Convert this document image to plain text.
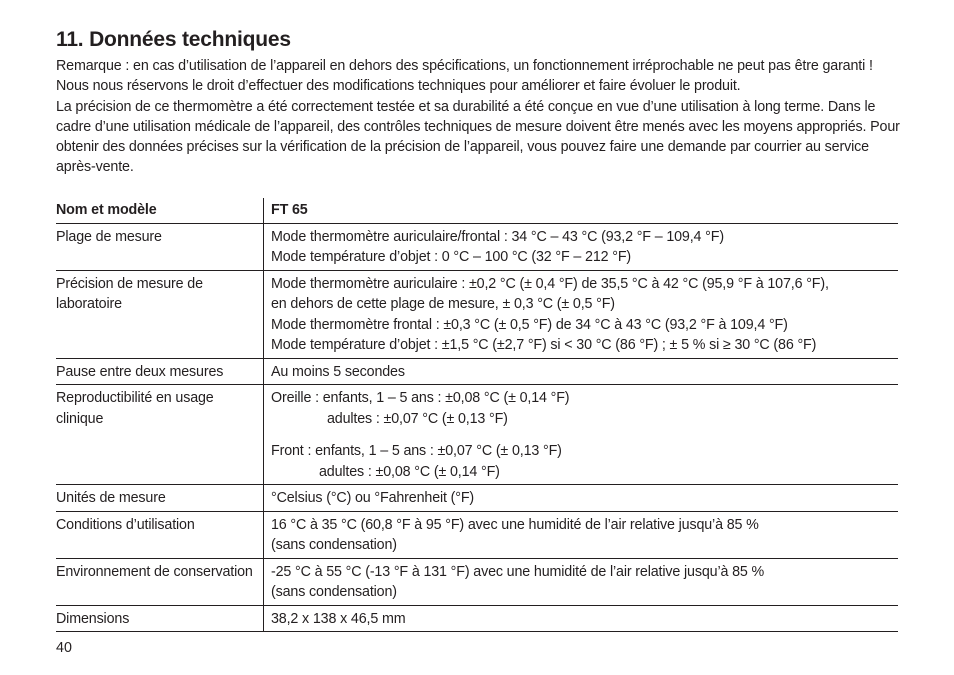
11. Données techniques

Remarque : en cas d’utilisation de l’appareil en dehors des spécifications, un fonctionnement irréprochable ne peut pas être garanti ! Nous nous réservons le droit d’effectuer des modifications techniques pour améliorer et faire évoluer le produit.

La précision de ce thermomètre a été correctement testée et sa durabilité a été conçue en vue d’une utilisation à long terme. Dans le cadre d’une utilisation médicale de l’appareil, des contrôles techniques de mesure doivent être menés avec les moyens appropriés. Pour obtenir des données précises sur la vérification de la précision de l’appareil, vous pouvez faire une demande par courrier au service après-vente.

Nom et modèle	FT 65
Plage de mesure	Mode thermomètre auriculaire/frontal : 34 °C – 43 °C (93,2 °F – 109,4 °F)
Mode température d’objet : 0 °C – 100 °C (32 °F – 212 °F)

Précision de mesure de laboratoire	Mode thermomètre auriculaire : ±0,2 °C (± 0,4 °F) de 35,5 °C à 42 °C (95,9 °F à 107,6 °F),
en dehors de cette plage de mesure, ± 0,3 °C (± 0,5 °F)
Mode thermomètre frontal : ±0,3 °C (± 0,5 °F) de 34 °C à 43 °C (93,2 °F à 109,4 °F)
Mode température d’objet : ±1,5 °C (±2,7 °F) si < 30 °C (86 °F) ; ± 5 % si ≥ 30 °C (86 °F)

Pause entre deux mesures	Au moins 5 secondes

Reproductibilité en usage clinique	Oreille : enfants, 1 – 5 ans : ±0,08 °C (± 0,14 °F)
adultes : ±0,07 °C (± 0,13 °F)
Front : enfants, 1 – 5 ans : ±0,07 °C (± 0,13 °F)
adultes : ±0,08 °C (± 0,14 °F)

Unités de mesure	°Celsius (°C) ou °Fahrenheit (°F)

Conditions d’utilisation	16 °C à 35 °C (60,8 °F à 95 °F) avec une humidité de l’air relative jusqu’à 85 %
(sans condensation)

Environnement de conservation	-25 °C à 55 °C (-13 °F à 131 °F) avec une humidité de l’air relative jusqu’à 85 %
(sans condensation)

Dimensions	38,2 x 138 x 46,5 mm
40
